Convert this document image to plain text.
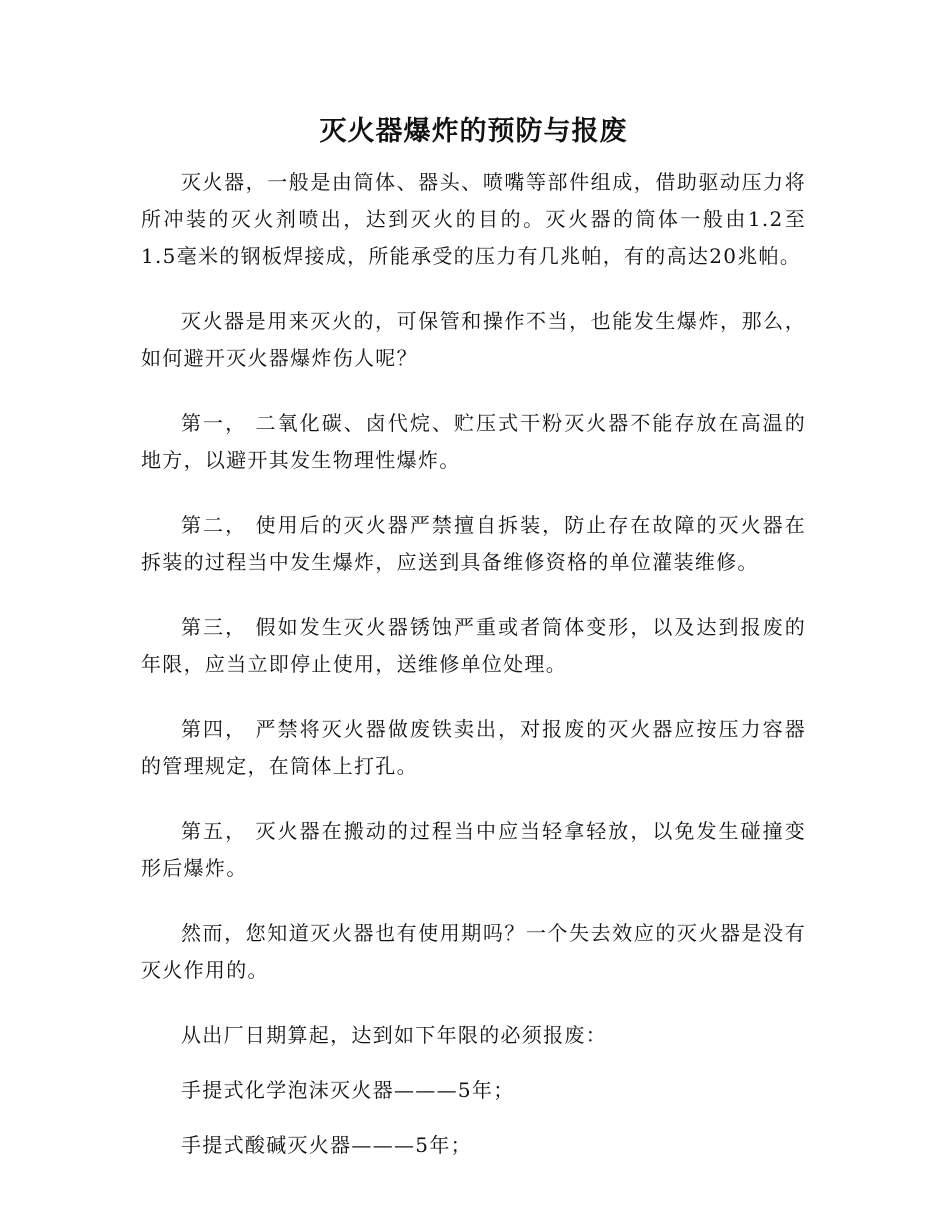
灭火器爆炸的预防与报废

灭火器，一般是由筒体、器头、喷嘴等部件组成，借助驱动压力将所冲装的灭火剂喷出，达到灭火的目的。灭火器的筒体一般由1.2至1.5毫米的钢板焊接成，所能承受的压力有几兆帕，有的高达20兆帕。

灭火器是用来灭火的，可保管和操作不当，也能发生爆炸，那么，如何避开灭火器爆炸伤人呢？

第一， 二氧化碳、卤代烷、贮压式干粉灭火器不能存放在高温的地方，以避开其发生物理性爆炸。

第二， 使用后的灭火器严禁擅自拆装，防止存在故障的灭火器在拆装的过程当中发生爆炸，应送到具备维修资格的单位灌装维修。

第三， 假如发生灭火器锈蚀严重或者筒体变形，以及达到报废的年限，应当立即停止使用，送维修单位处理。

第四， 严禁将灭火器做废铁卖出，对报废的灭火器应按压力容器的管理规定，在筒体上打孔。

第五， 灭火器在搬动的过程当中应当轻拿轻放，以免发生碰撞变形后爆炸。

然而，您知道灭火器也有使用期吗？一个失去效应的灭火器是没有灭火作用的。

从出厂日期算起，达到如下年限的必须报废：

手提式化学泡沫灭火器———5年；

手提式酸碱灭火器———5年；
